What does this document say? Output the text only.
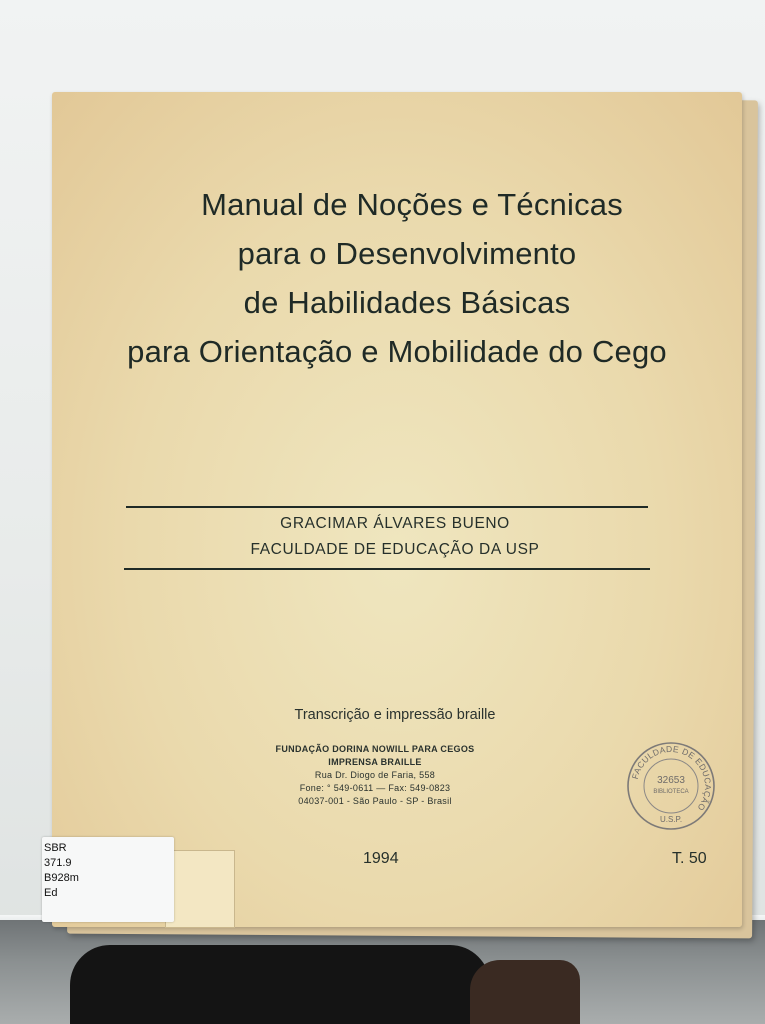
Manual de Noções e Técnicas
para o Desenvolvimento
de Habilidades Básicas
para Orientação e Mobilidade do Cego
GRACIMAR ÁLVARES BUENO
FACULDADE DE EDUCAÇÃO DA USP
Transcrição e impressão braille
FUNDAÇÃO DORINA NOWILL PARA CEGOS
IMPRENSA BRAILLE
Rua Dr. Diogo de Faria, 558
Fone: ° 549-0611 — Fax: 549-0823
04037-001 - São Paulo - SP - Brasil
1994	T. 50
FACULDADE DE EDUCAÇÃO
32653
BIBLIOTECA
U.S.P.
SBR
371.9
B928m
Ed
